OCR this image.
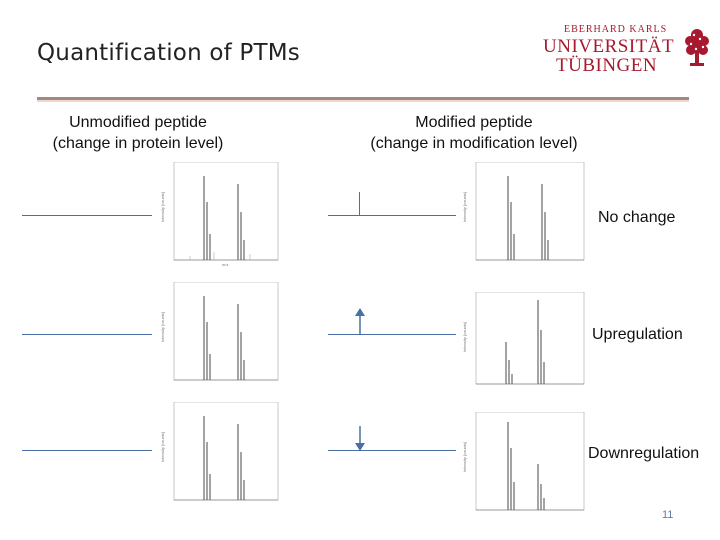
Quantification of PTMs
EBERHARD KARLS
UNIVERSITÄT
TÜBINGEN
Unmodified peptide
(change in protein level)
Modified peptide
(change in modification level)
Intensity [counts]
m/z
Intensity [counts]	No change
Intensity [counts]	Intensity [counts]	Upregulation
Intensity [counts]	Intensity [counts]	Downregulation
11
